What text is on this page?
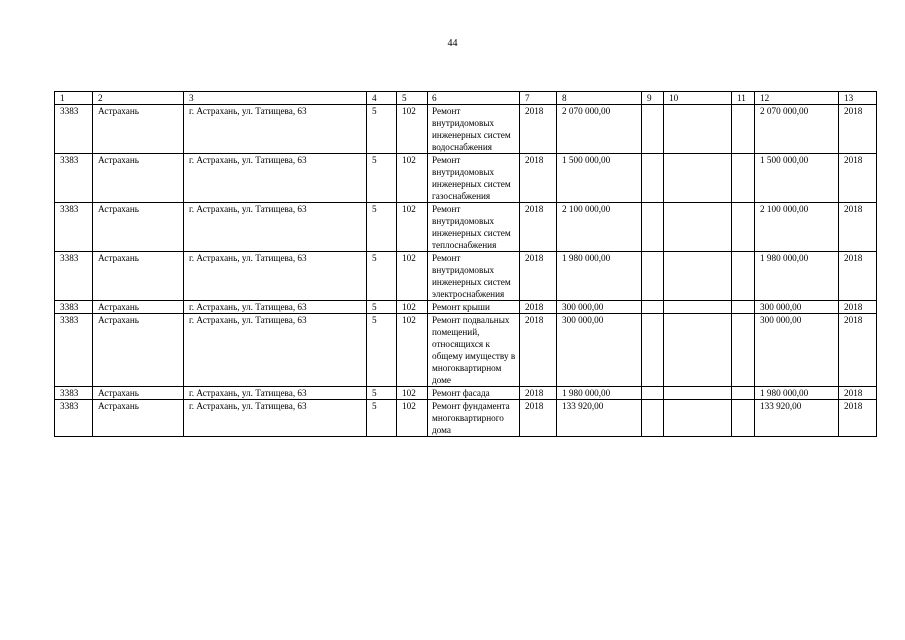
44
1	2	3	4	5	6	7	8	9	10	11	12	13
3383	Астрахань	г. Астрахань, ул. Татищева, 63	5	102	Ремонт внутридомовых инженерных систем водоснабжения	2018	2 070 000,00				2 070 000,00	2018
3383	Астрахань	г. Астрахань, ул. Татищева, 63	5	102	Ремонт внутридомовых инженерных систем газоснабжения	2018	1 500 000,00				1 500 000,00	2018
3383	Астрахань	г. Астрахань, ул. Татищева, 63	5	102	Ремонт внутридомовых инженерных систем теплоснабжения	2018	2 100 000,00				2 100 000,00	2018
3383	Астрахань	г. Астрахань, ул. Татищева, 63	5	102	Ремонт внутридомовых инженерных систем электроснабжения	2018	1 980 000,00				1 980 000,00	2018
3383	Астрахань	г. Астрахань, ул. Татищева, 63	5	102	Ремонт крыши	2018	300 000,00				300 000,00	2018
3383	Астрахань	г. Астрахань, ул. Татищева, 63	5	102	Ремонт подвальных помещений, относящихся к общему имуществу в многоквартирном доме	2018	300 000,00				300 000,00	2018
3383	Астрахань	г. Астрахань, ул. Татищева, 63	5	102	Ремонт фасада	2018	1 980 000,00				1 980 000,00	2018
3383	Астрахань	г. Астрахань, ул. Татищева, 63	5	102	Ремонт фундамента многоквартирного дома	2018	133 920,00				133 920,00	2018
